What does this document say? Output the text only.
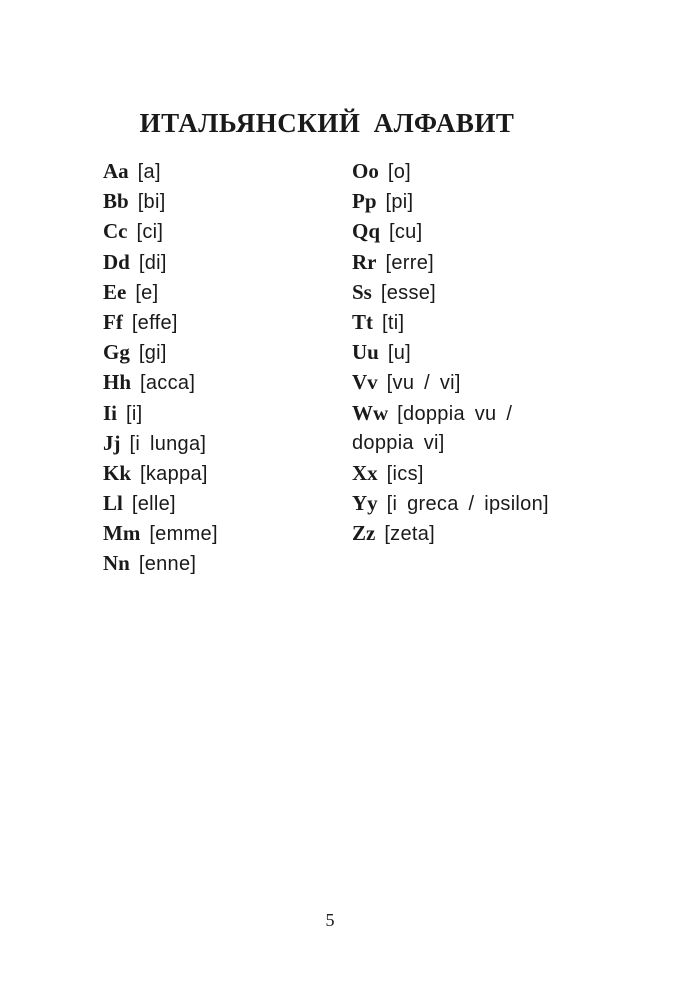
ИТАЛЬЯНСКИЙ АЛФАВИТ
Aa [a]
Bb [bi]
Cc [ci]
Dd [di]
Ee [e]
Ff [effe]
Gg [gi]
Hh [acca]
Ii [i]
Jj [i lunga]
Kk [kappa]
Ll [elle]
Mm [emme]
Nn [enne]
Oo [o]
Pp [pi]
Qq [cu]
Rr [erre]
Ss [esse]
Tt [ti]
Uu [u]
Vv [vu / vi]
Ww [doppia vu /
doppia vi]
Xx [ics]
Yy [i greca / ipsilon]
Zz [zeta]
5
